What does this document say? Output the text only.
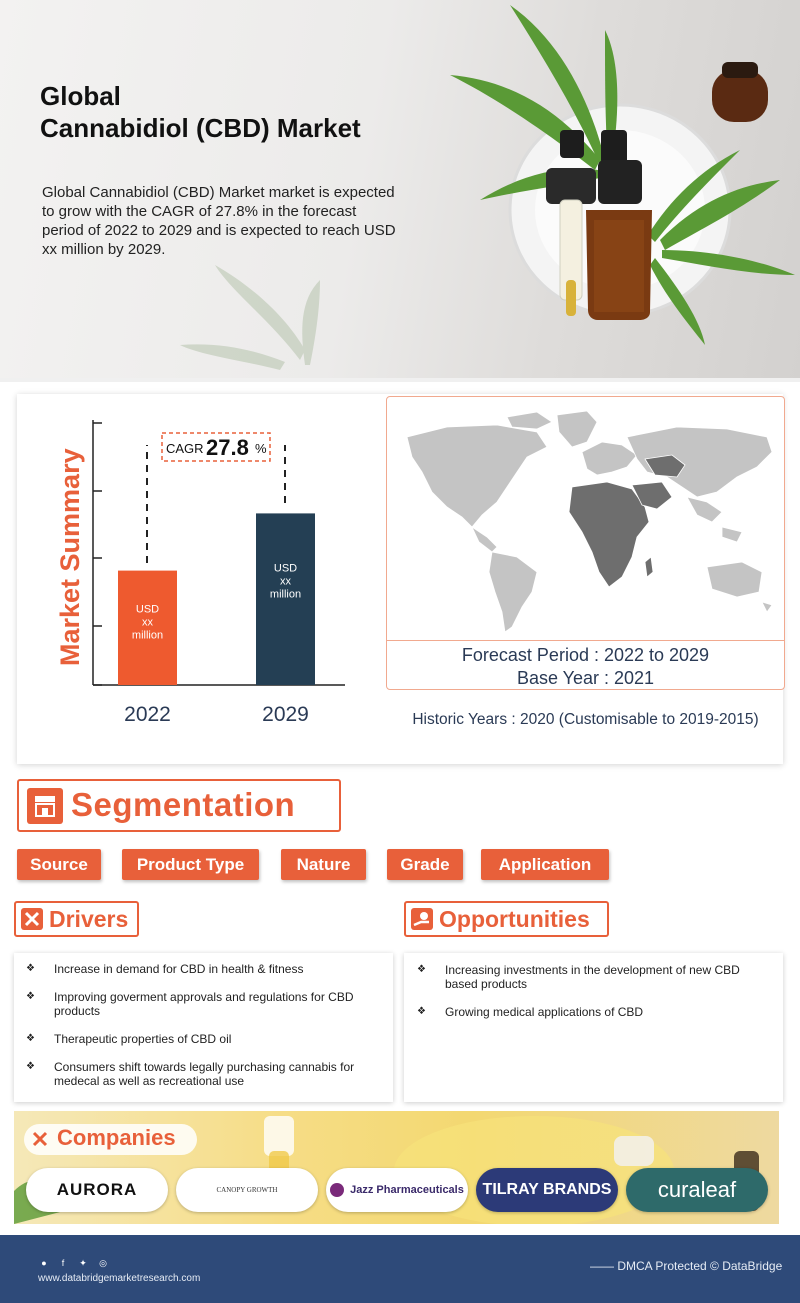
Global
Cannabidiol (CBD) Market
Global Cannabidiol (CBD) Market market is expected to grow with the CAGR of 27.8% in the forecast period of 2022 to 2029 and is expected to reach USD xx million by 2029.
Market Summary	CAGR 27.8 %
USD
xx
million
2022
USD
xx
million
2029
Forecast Period : 2022 to 2029
Base Year : 2021
Historic Years : 2020 (Customisable to 2019-2015)
Segmentation
Source	Product Type	Nature	Grade	Application
Drivers
❖ Increase in demand for CBD in health & fitness
❖ Improving goverment approvals and regulations for CBD products
❖ Therapeutic properties of CBD oil
❖ Consumers shift towards legally purchasing cannabis for medecal as well as recreational use
Opportunities
❖ Increasing investments in the development of new CBD based products
❖ Growing medical applications of CBD
Companies
AURORA	CANOPY GROWTH	Jazz Pharmaceuticals TILRAY BRANDS curaleaf
●	f	✦ ◎
www.databridgemarketresearch.com
—— DMCA Protected © DataBridge
